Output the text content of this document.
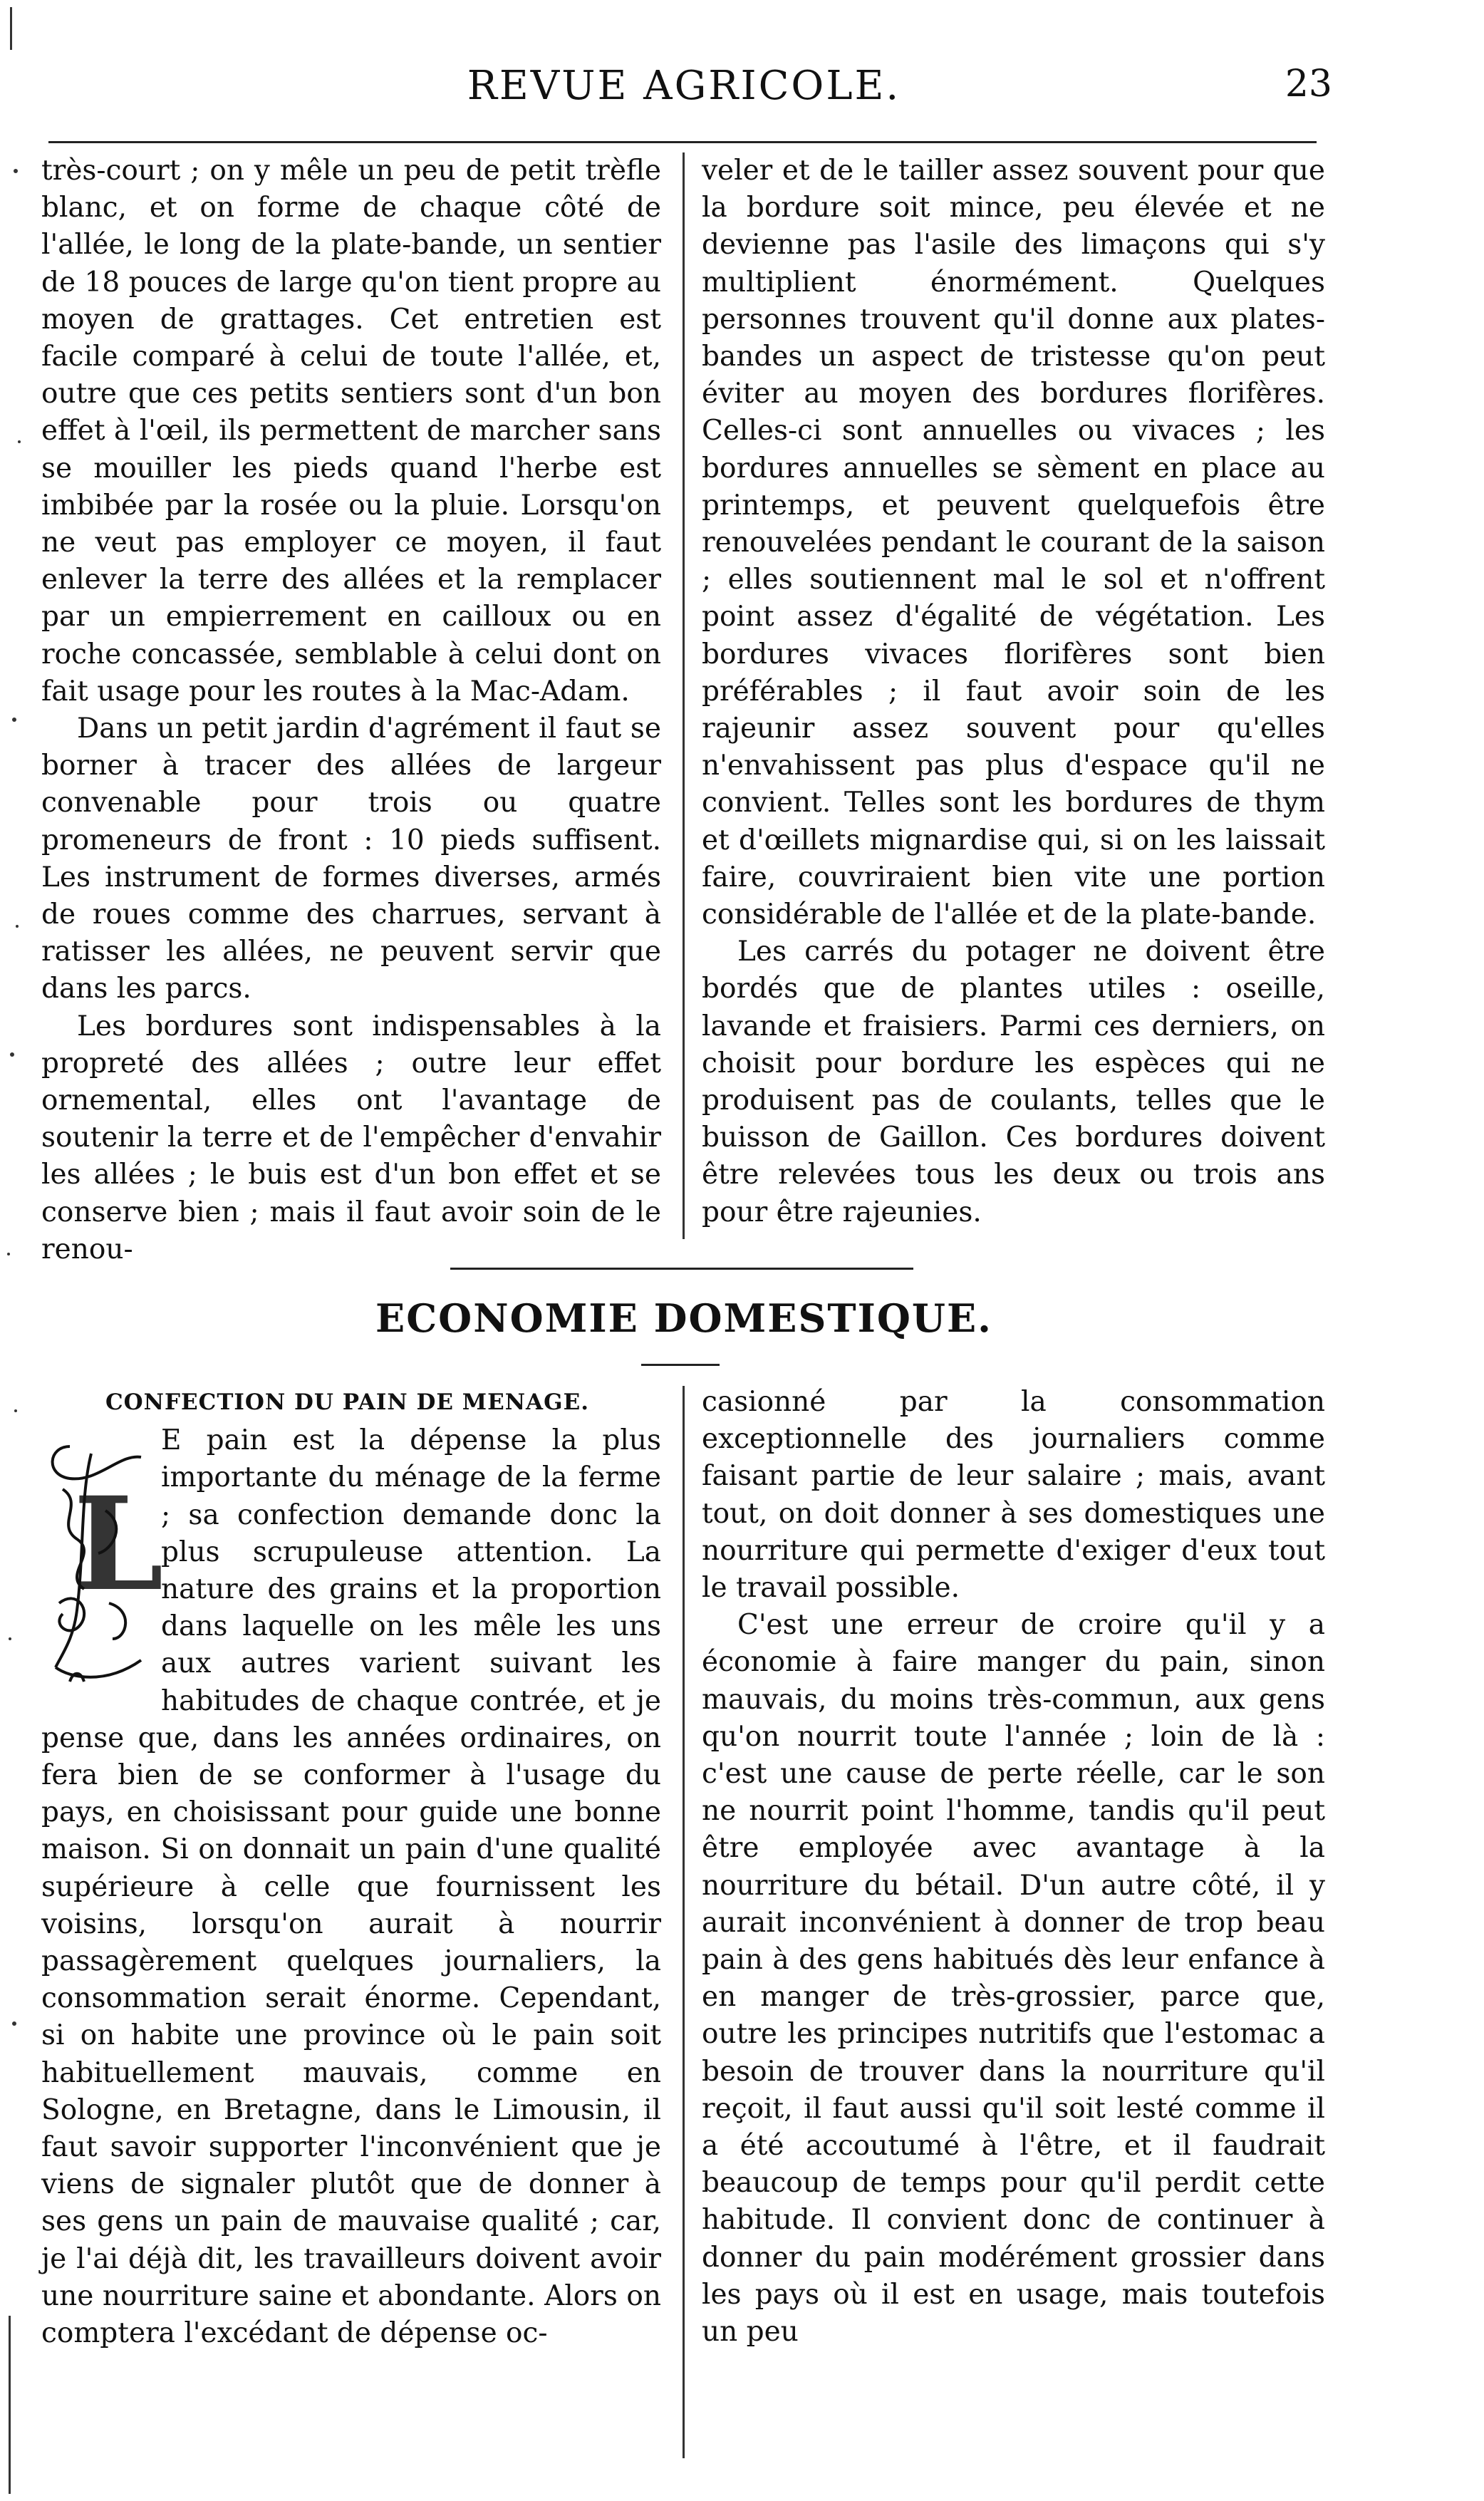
REVUE AGRICOLE.	23

très-court ; on y mêle un peu de petit trèfle blanc, et on forme de chaque côté de l'allée, le long de la plate-bande, un sentier de 18 pouces de large qu'on tient propre au moyen de grattages. Cet entretien est facile comparé à celui de toute l'allée, et, outre que ces petits sentiers sont d'un bon effet à l'œil, ils permettent de marcher sans se mouiller les pieds quand l'herbe est imbibée par la rosée ou la pluie. Lorsqu'on ne veut pas employer ce moyen, il faut enlever la terre des allées et la remplacer par un empierrement en cailloux ou en roche concassée, semblable à celui dont on fait usage pour les routes à la Mac-Adam.

Dans un petit jardin d'agrément il faut se borner à tracer des allées de largeur convenable pour trois ou quatre promeneurs de front : 10 pieds suffisent. Les instrument de formes diverses, armés de roues comme des charrues, servant à ratisser les allées, ne peuvent servir que dans les parcs.

Les bordures sont indispensables à la propreté des allées ; outre leur effet ornemental, elles ont l'avantage de soutenir la terre et de l'empêcher d'envahir les allées ; le buis est d'un bon effet et se conserve bien ; mais il faut avoir soin de le renou-

veler et de le tailler assez souvent pour que la bordure soit mince, peu élevée et ne devienne pas l'asile des limaçons qui s'y multiplient énormément. Quelques personnes trouvent qu'il donne aux plates-bandes un aspect de tristesse qu'on peut éviter au moyen des bordures florifères. Celles-ci sont annuelles ou vivaces ; les bordures annuelles se sèment en place au printemps, et peuvent quelquefois être renouvelées pendant le courant de la saison ; elles soutiennent mal le sol et n'offrent point assez d'égalité de végétation. Les bordures vivaces florifères sont bien préférables ; il faut avoir soin de les rajeunir assez souvent pour qu'elles n'envahissent pas plus d'espace qu'il ne convient. Telles sont les bordures de thym et d'œillets mignardise qui, si on les laissait faire, couvriraient bien vite une portion considérable de l'allée et de la plate-bande.

Les carrés du potager ne doivent être bordés que de plantes utiles : oseille, lavande et fraisiers. Parmi ces derniers, on choisit pour bordure les espèces qui ne produisent pas de coulants, telles que le buisson de Gaillon. Ces bordures doivent être relevées tous les deux ou trois ans pour être rajeunies.

ECONOMIE DOMESTIQUE.
CONFECTION DU PAIN DE MENAGE.
L

E pain est la dépense la plus importante du ménage de la ferme ; sa confection demande donc la plus scrupuleuse attention. La nature des grains et la proportion dans laquelle on les mêle les uns aux autres varient suivant les habitudes de chaque contrée, et je pense que, dans les années ordinaires, on fera bien de se conformer à l'usage du pays, en choisissant pour guide une bonne maison. Si on donnait un pain d'une qualité supérieure à celle que fournissent les voisins, lorsqu'on aurait à nourrir passagèrement quelques journaliers, la consommation serait énorme. Cependant, si on habite une province où le pain soit habituellement mauvais, comme en Sologne, en Bretagne, dans le Limousin, il faut savoir supporter l'inconvénient que je viens de signaler plutôt que de donner à ses gens un pain de mauvaise qualité ; car, je l'ai déjà dit, les travailleurs doivent avoir une nourriture saine et abondante. Alors on comptera l'excédant de dépense oc-

casionné par la consommation exceptionnelle des journaliers comme faisant partie de leur salaire ; mais, avant tout, on doit donner à ses domestiques une nourriture qui permette d'exiger d'eux tout le travail possible.

C'est une erreur de croire qu'il y a économie à faire manger du pain, sinon mauvais, du moins très-commun, aux gens qu'on nourrit toute l'année ; loin de là : c'est une cause de perte réelle, car le son ne nourrit point l'homme, tandis qu'il peut être employée avec avantage à la nourriture du bétail. D'un autre côté, il y aurait inconvénient à donner de trop beau pain à des gens habitués dès leur enfance à en manger de très-grossier, parce que, outre les principes nutritifs que l'estomac a besoin de trouver dans la nourriture qu'il reçoit, il faut aussi qu'il soit lesté comme il a été accoutumé à l'être, et il faudrait beaucoup de temps pour qu'il perdit cette habitude. Il convient donc de continuer à donner du pain modérément grossier dans les pays où il est en usage, mais toutefois un peu
